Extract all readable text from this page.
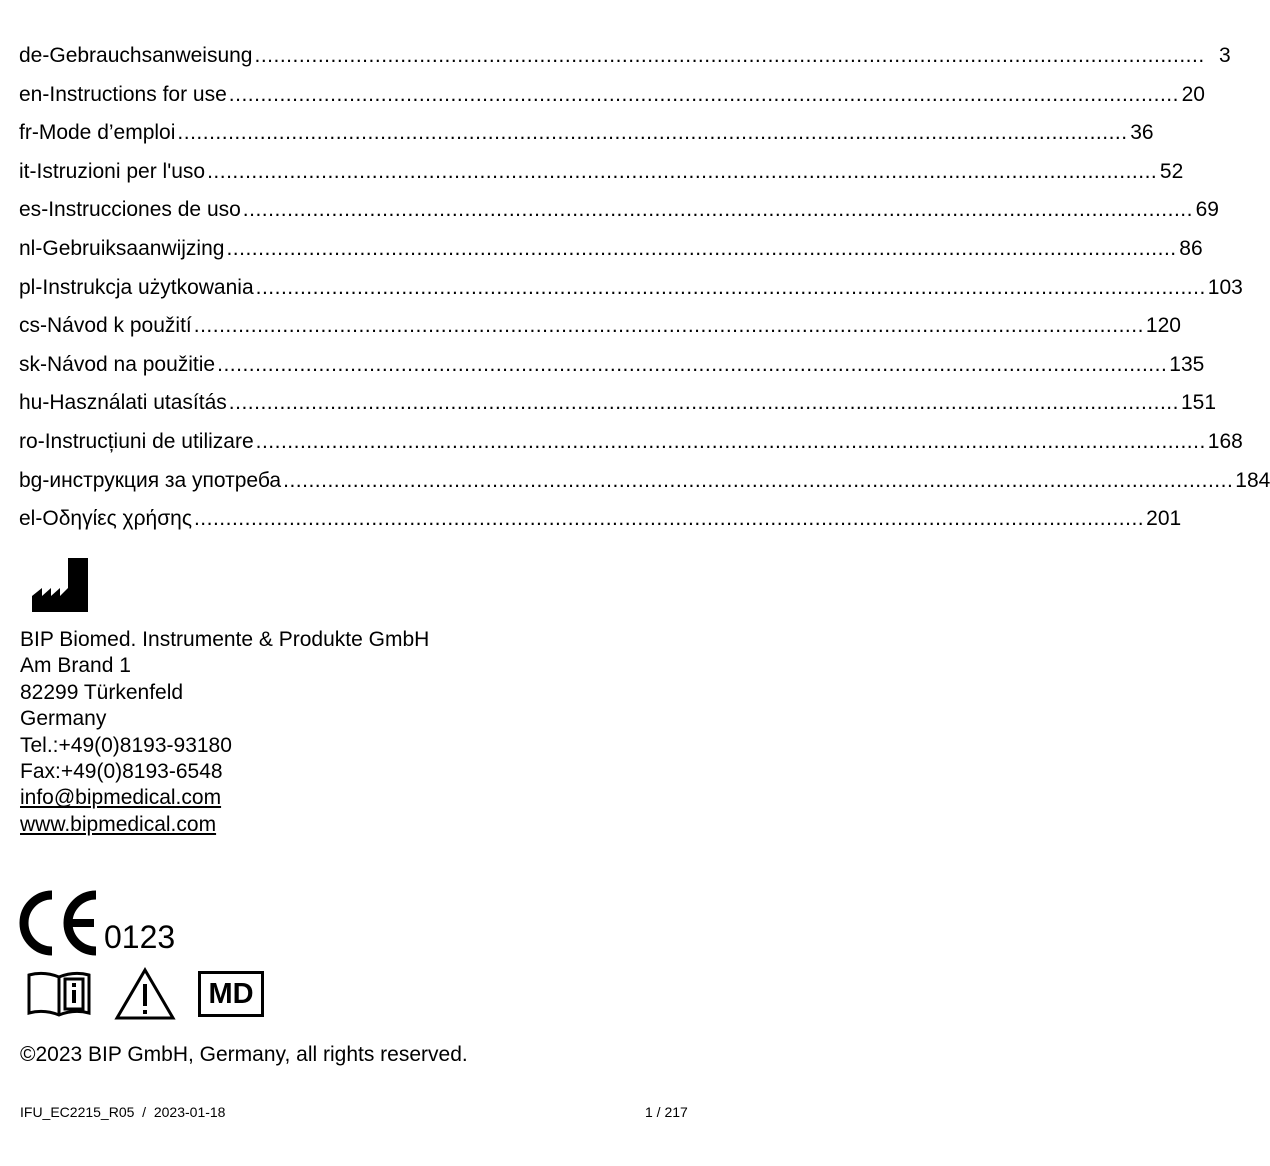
de - Gebrauchsanweisung ...................................................................................................................................................... 3
en - Instructions for use ...................................................................................................................................................... 20
fr - Mode d’emploi ...................................................................................................................................................... 36
it - Istruzioni per l'uso ...................................................................................................................................................... 52
es - Instrucciones de uso ...................................................................................................................................................... 69
nl - Gebruiksaanwijzing ...................................................................................................................................................... 86
pl - Instrukcja użytkowania ...................................................................................................................................................... 103
cs - Návod k použití ...................................................................................................................................................... 120
sk - Návod na použitie ...................................................................................................................................................... 135
hu - Használati utasítás ...................................................................................................................................................... 151
ro - Instrucțiuni de utilizare ...................................................................................................................................................... 168
bg - инструкция за употреба ...................................................................................................................................................... 184
el - Οδηγίες χρήσης ...................................................................................................................................................... 201
BIP Biomed. Instrumente & Produkte GmbH
Am Brand 1
82299 Türkenfeld
Germany
Tel.:+49(0)8193-93180
Fax:+49(0)8193-6548
info@bipmedical.com
www.bipmedical.com
0123
MD
©2023 BIP GmbH, Germany, all rights reserved.
IFU_EC2215_R05  /  2023-01-18	1 / 217
